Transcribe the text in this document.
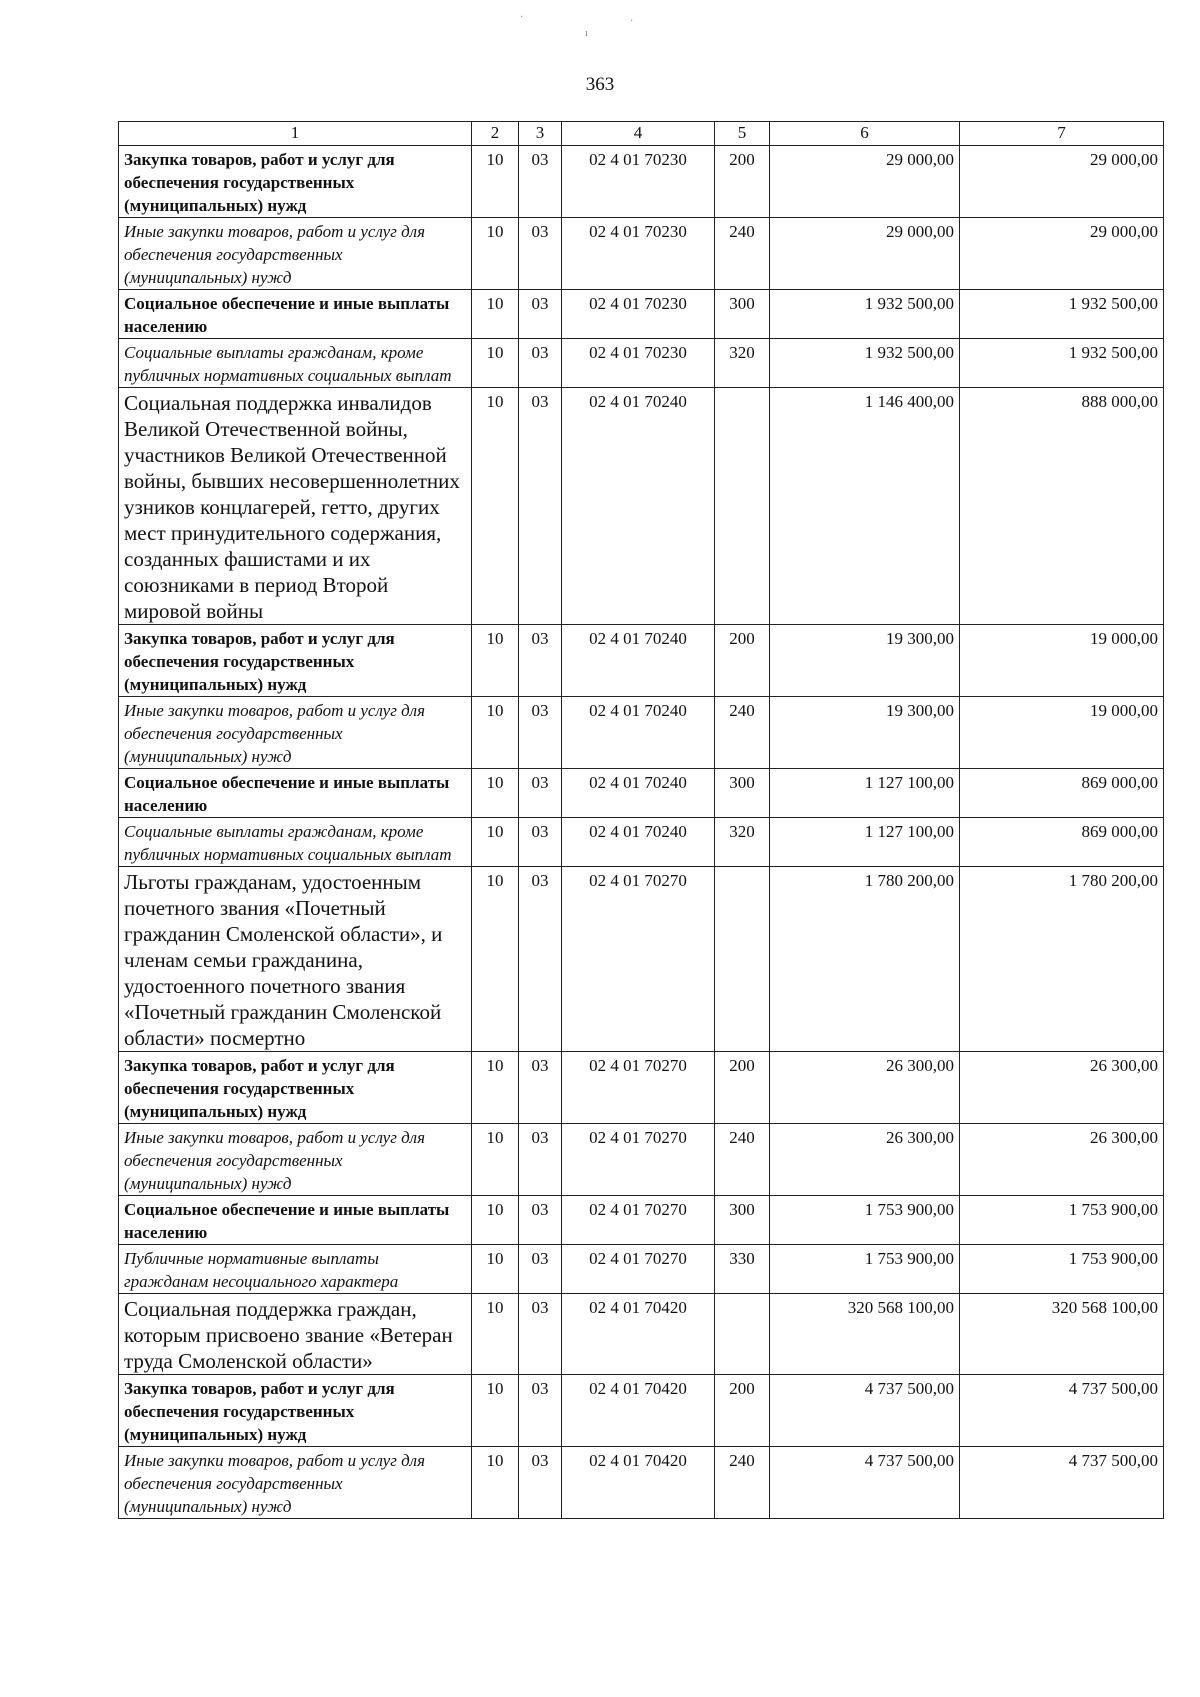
363
1	2	3	4	5	6	7
Закупка товаров, работ и услуг для обеспечения государственных (муниципальных) нужд	10	03	02 4 01 70230	200	29 000,00	29 000,00
Иные закупки товаров, работ и услуг для обеспечения государственных (муниципальных) нужд	10	03	02 4 01 70230	240	29 000,00	29 000,00
Социальное обеспечение и иные выплаты населению	10	03	02 4 01 70230	300	1 932 500,00	1 932 500,00
Социальные выплаты гражданам, кроме публичных нормативных социальных выплат	10	03	02 4 01 70230	320	1 932 500,00	1 932 500,00
Социальная поддержка инвалидов Великой Отечественной войны, участников Великой Отечественной войны, бывших несовершеннолетних узников концлагерей, гетто, других мест принудительного содержания, созданных фашистами и их союзниками в период Второй мировой войны	10	03	02 4 01 70240		1 146 400,00	888 000,00
Закупка товаров, работ и услуг для обеспечения государственных (муниципальных) нужд	10	03	02 4 01 70240	200	19 300,00	19 000,00
Иные закупки товаров, работ и услуг для обеспечения государственных (муниципальных) нужд	10	03	02 4 01 70240	240	19 300,00	19 000,00
Социальное обеспечение и иные выплаты населению	10	03	02 4 01 70240	300	1 127 100,00	869 000,00
Социальные выплаты гражданам, кроме публичных нормативных социальных выплат	10	03	02 4 01 70240	320	1 127 100,00	869 000,00
Льготы гражданам, удостоенным почетного звания «Почетный гражданин Смоленской области», и членам семьи гражданина, удостоенного почетного звания «Почетный гражданин Смоленской области» посмертно	10	03	02 4 01 70270		1 780 200,00	1 780 200,00
Закупка товаров, работ и услуг для обеспечения государственных (муниципальных) нужд	10	03	02 4 01 70270	200	26 300,00	26 300,00
Иные закупки товаров, работ и услуг для обеспечения государственных (муниципальных) нужд	10	03	02 4 01 70270	240	26 300,00	26 300,00
Социальное обеспечение и иные выплаты населению	10	03	02 4 01 70270	300	1 753 900,00	1 753 900,00
Публичные нормативные выплаты гражданам несоциального характера	10	03	02 4 01 70270	330	1 753 900,00	1 753 900,00
Социальная поддержка граждан, которым присвоено звание «Ветеран труда Смоленской области»	10	03	02 4 01 70420		320 568 100,00	320 568 100,00
Закупка товаров, работ и услуг для обеспечения государственных (муниципальных) нужд	10	03	02 4 01 70420	200	4 737 500,00	4 737 500,00
Иные закупки товаров, работ и услуг для обеспечения государственных (муниципальных) нужд	10	03	02 4 01 70420	240	4 737 500,00	4 737 500,00
·	·
ı
